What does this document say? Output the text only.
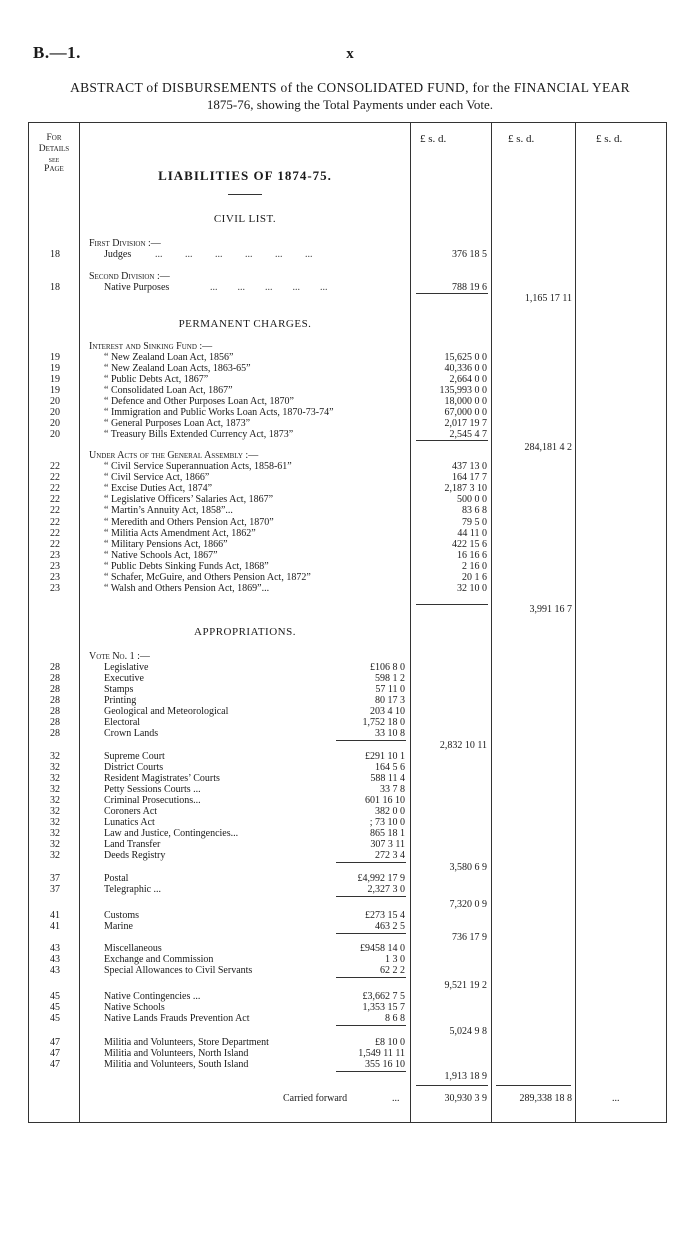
B.—1.	x
ABSTRACT of DISBURSEMENTS of the CONSOLIDATED FUND, for the FINANCIAL YEAR
1875-76, showing the Total Payments under each Vote.
For
Details
see
Page
£ s. d.	£ s. d.	£ s. d.
LIABILITIES OF 1874-75.
CIVIL LIST.
First Division :—
18	Judges ...         ...         ...         ...         ...         ...	376 18 5
Second Division :—
18	Native Purposes	...        ...        ...        ...        ...	788 19 6
1,165 17 11
PERMANENT CHARGES.
Interest and Sinking Fund :—
19	“ New Zealand Loan Act, 1856”	15,625 0 0
19	“ New Zealand Loan Acts, 1863-65”	40,336 0 0
19	“ Public Debts Act, 1867”	2,664 0 0
19	“ Consolidated Loan Act, 1867”	135,993 0 0
20	“ Defence and Other Purposes Loan Act, 1870”	18,000 0 0
20	“ Immigration and Public Works Loan Acts, 1870-73-74”	67,000 0 0
20	“ General Purposes Loan Act, 1873”	2,017 19 7
20	“ Treasury Bills Extended Currency Act, 1873”	2,545 4 7
284,181 4 2
Under Acts of the General Assembly :—
22	“ Civil Service Superannuation Acts, 1858-61”	437 13 0
22	“ Civil Service Act, 1866”	164 17 7
22	“ Excise Duties Act, 1874”	2,187 3 10
22	“ Legislative Officers’ Salaries Act, 1867”	500 0 0
22	“ Martin’s Annuity Act, 1858”...	83 6 8
22	“ Meredith and Others Pension Act, 1870”	79 5 0
22	“ Militia Acts Amendment Act, 1862”	44 11 0
22	“ Military Pensions Act, 1866”	422 15 6
23	“ Native Schools Act, 1867”	16 16 6
23	“ Public Debts Sinking Funds Act, 1868”	2 16 0
23	“ Schafer, McGuire, and Others Pension Act, 1872”	20 1 6
23	“ Walsh and Others Pension Act, 1869”...	32 10 0
3,991 16 7
APPROPRIATIONS.
Vote No. 1 :—
28	Legislative	£106 8 0
28	Executive	598 1 2
28	Stamps	57 11 0
28	Printing	80 17 3
28	Geological and Meteorological	203 4 10
28	Electoral	1,752 18 0
28	Crown Lands	33 10 8
2,832 10 11
32	Supreme Court	£291 10 1
32	District Courts	164 5 6
32	Resident Magistrates’ Courts	588 11 4
32	Petty Sessions Courts ...	33 7 8
32	Criminal Prosecutions...	601 16 10
32	Coroners Act	382 0 0
32	Lunatics Act	; 73 10 0
32	Law and Justice, Contingencies...	865 18 1
32	Land Transfer	307 3 11
32	Deeds Registry	272 3 4
3,580 6 9
37	Postal	£4,992 17 9
37	Telegraphic ...	2,327 3 0
7,320 0 9
41	Customs	£273 15 4
41	Marine	463 2 5
736 17 9
43	Miscellaneous	£9458 14 0
43	Exchange and Commission	1 3 0
43	Special Allowances to Civil Servants	62 2 2
9,521 19 2
45	Native Contingencies ...	£3,662 7 5
45	Native Schools	1,353 15 7
45	Native Lands Frauds Prevention Act	8 6 8
5,024 9 8
47	Militia and Volunteers, Store Department	£8 10 0
47	Militia and Volunteers, North Island	1,549 11 11
47	Militia and Volunteers, South Island	355 16 10
1,913 18 9
Carried forward	...	30,930 3 9	289,338 18 8	...
